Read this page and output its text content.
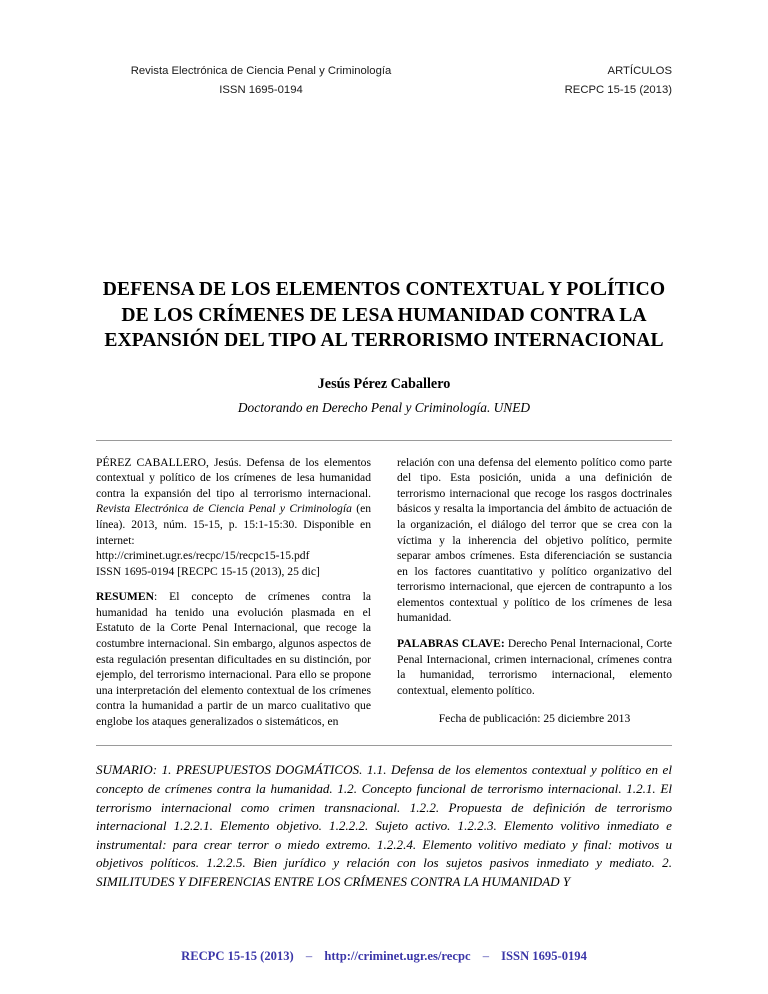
Revista Electrónica de Ciencia Penal y Criminología
ISSN 1695-0194
ARTÍCULOS
RECPC 15-15 (2013)
DEFENSA DE LOS ELEMENTOS CONTEXTUAL Y POLÍTICO DE LOS CRÍMENES DE LESA HUMANIDAD CONTRA LA EXPANSIÓN DEL TIPO AL TERRORISMO INTERNACIONAL
Jesús Pérez Caballero
Doctorando en Derecho Penal y Criminología. UNED

PÉREZ CABALLERO, Jesús. Defensa de los elementos contextual y político de los crímenes de lesa humanidad contra la expansión del tipo al terrorismo internacional. Revista Electrónica de Ciencia Penal y Criminología (en línea). 2013, núm. 15-15, p. 15:1-15:30. Disponible en internet:
http://criminet.ugr.es/recpc/15/recpc15-15.pdf
ISSN 1695-0194 [RECPC 15-15 (2013), 25 dic]

RESUMEN: El concepto de crímenes contra la humanidad ha tenido una evolución plasmada en el Estatuto de la Corte Penal Internacional, que recoge la costumbre internacional. Sin embargo, algunos aspectos de esta regulación presentan dificultades en su distinción, por ejemplo, del terrorismo internacional. Para ello se propone una interpretación del elemento contextual de los crímenes contra la humanidad a partir de un marco cualitativo que englobe los ataques generalizados o sistemáticos, en

relación con una defensa del elemento político como parte del tipo. Esta posición, unida a una definición de terrorismo internacional que recoge los rasgos doctrinales básicos y resalta la importancia del ámbito de actuación de la organización, el diálogo del terror que se crea con la víctima y la inherencia del objetivo político, permite separar ambos crímenes. Esta diferenciación se sustancia en los factores cuantitativo y político organizativo del terrorismo internacional, que ejercen de contrapunto a los elementos contextual y político de los crímenes de lesa humanidad.

PALABRAS CLAVE: Derecho Penal Internacional, Corte Penal Internacional, crimen internacional, crímenes contra la humanidad, terrorismo internacional, elemento contextual, elemento político.

Fecha de publicación: 25 diciembre 2013

SUMARIO: 1. PRESUPUESTOS DOGMÁTICOS. 1.1. Defensa de los elementos contextual y político en el concepto de crímenes contra la humanidad. 1.2. Concepto funcional de terrorismo internacional. 1.2.1. El terrorismo internacional como crimen transnacional. 1.2.2. Propuesta de definición de terrorismo internacional 1.2.2.1. Elemento objetivo. 1.2.2.2. Sujeto activo. 1.2.2.3. Elemento volitivo inmediato e instrumental: para crear terror o miedo extremo. 1.2.2.4. Elemento volitivo mediato y final: motivos u objetivos políticos. 1.2.2.5. Bien jurídico y relación con los sujetos pasivos inmediato y mediato. 2. SIMILITUDES Y DIFERENCIAS ENTRE LOS CRÍMENES CONTRA LA HUMANIDAD Y

RECPC 15-15 (2013) – http://criminet.ugr.es/recpc – ISSN 1695-0194
